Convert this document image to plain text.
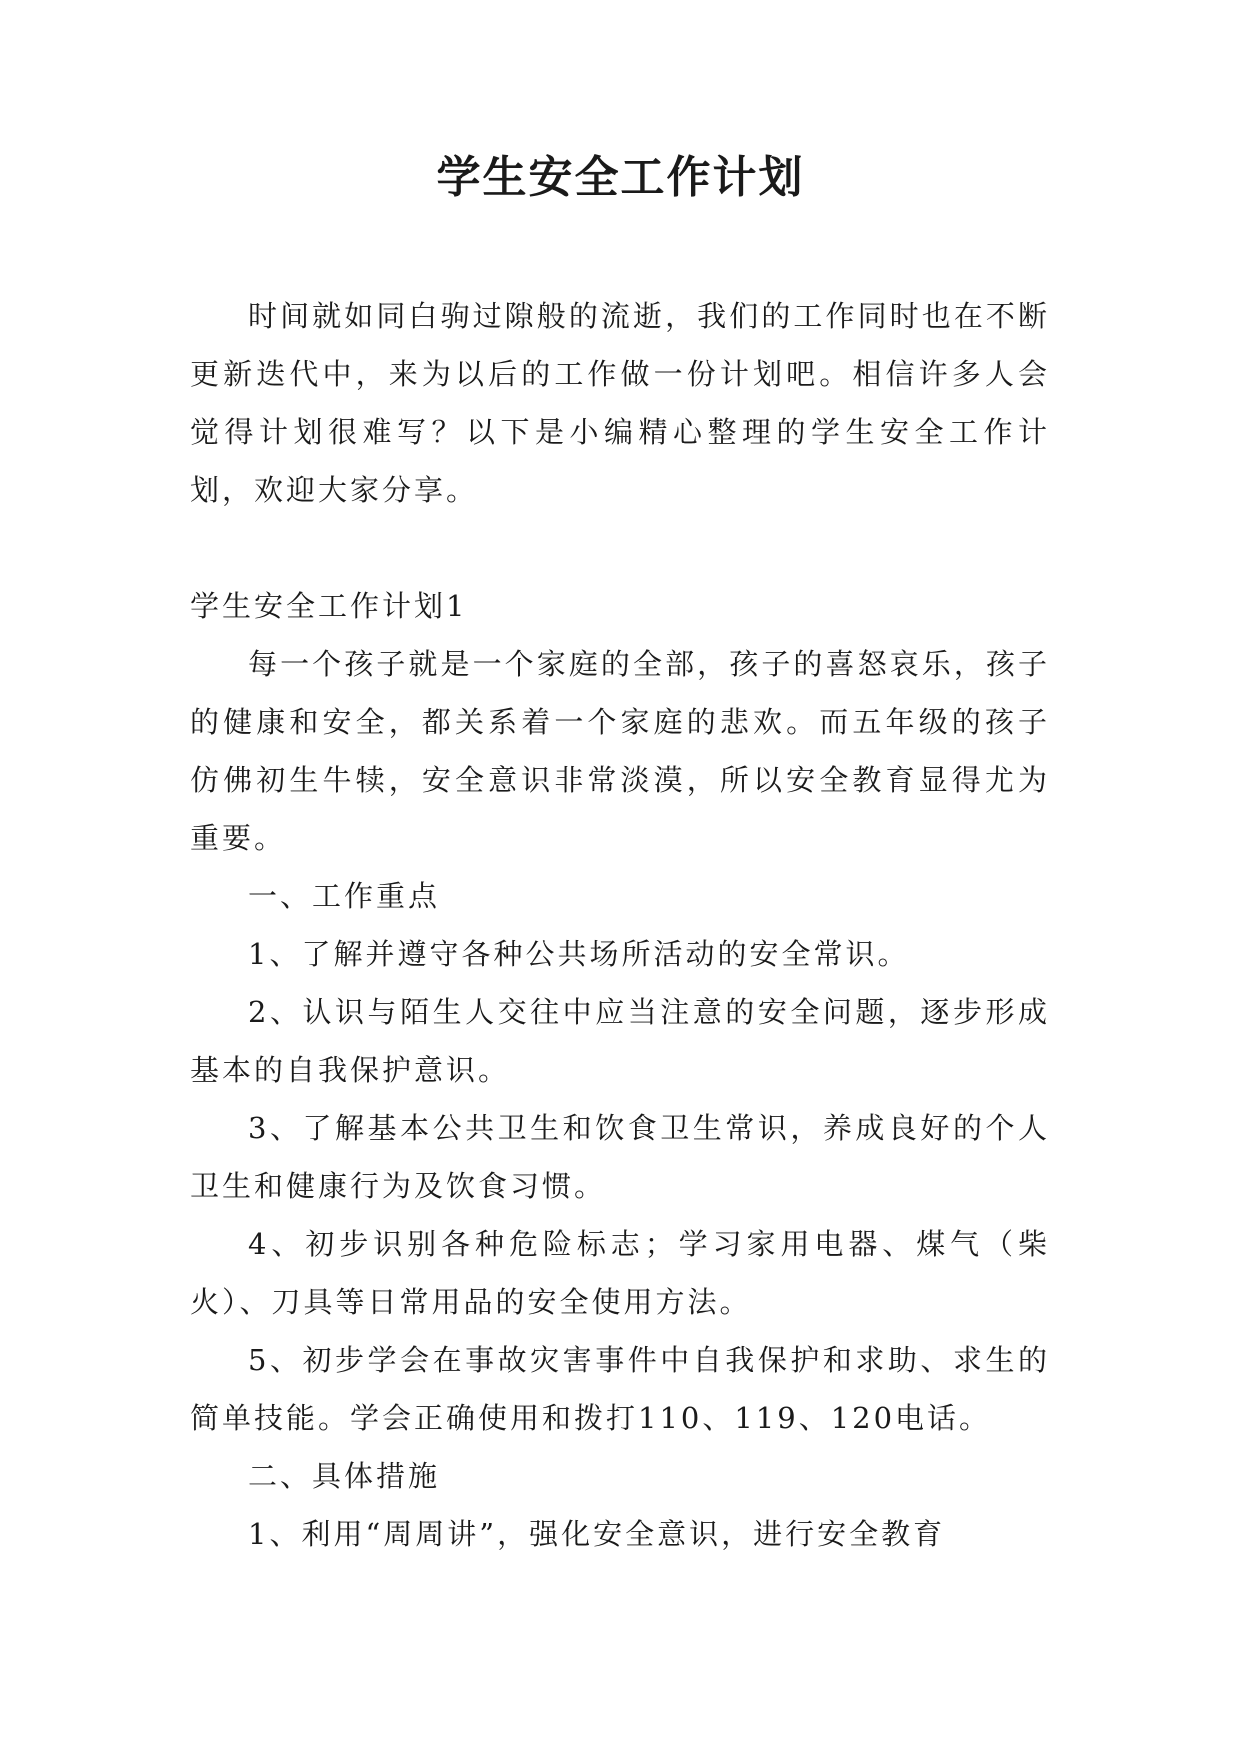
学生安全工作计划

时间就如同白驹过隙般的流逝，我们的工作同时也在不断更新迭代中，来为以后的工作做一份计划吧。相信许多人会觉得计划很难写？以下是小编精心整理的学生安全工作计划，欢迎大家分享。

学生安全工作计划1

每一个孩子就是一个家庭的全部，孩子的喜怒哀乐，孩子的健康和安全，都关系着一个家庭的悲欢。而五年级的孩子仿佛初生牛犊，安全意识非常淡漠，所以安全教育显得尤为重要。

一、工作重点

1、了解并遵守各种公共场所活动的安全常识。

2、认识与陌生人交往中应当注意的安全问题，逐步形成基本的自我保护意识。

3、了解基本公共卫生和饮食卫生常识，养成良好的个人卫生和健康行为及饮食习惯。

4、初步识别各种危险标志；学习家用电器、煤气（柴火）、刀具等日常用品的安全使用方法。

5、初步学会在事故灾害事件中自我保护和求助、求生的简单技能。学会正确使用和拨打110、119、120电话。

二、具体措施

1、利用“周周讲”，强化安全意识，进行安全教育
